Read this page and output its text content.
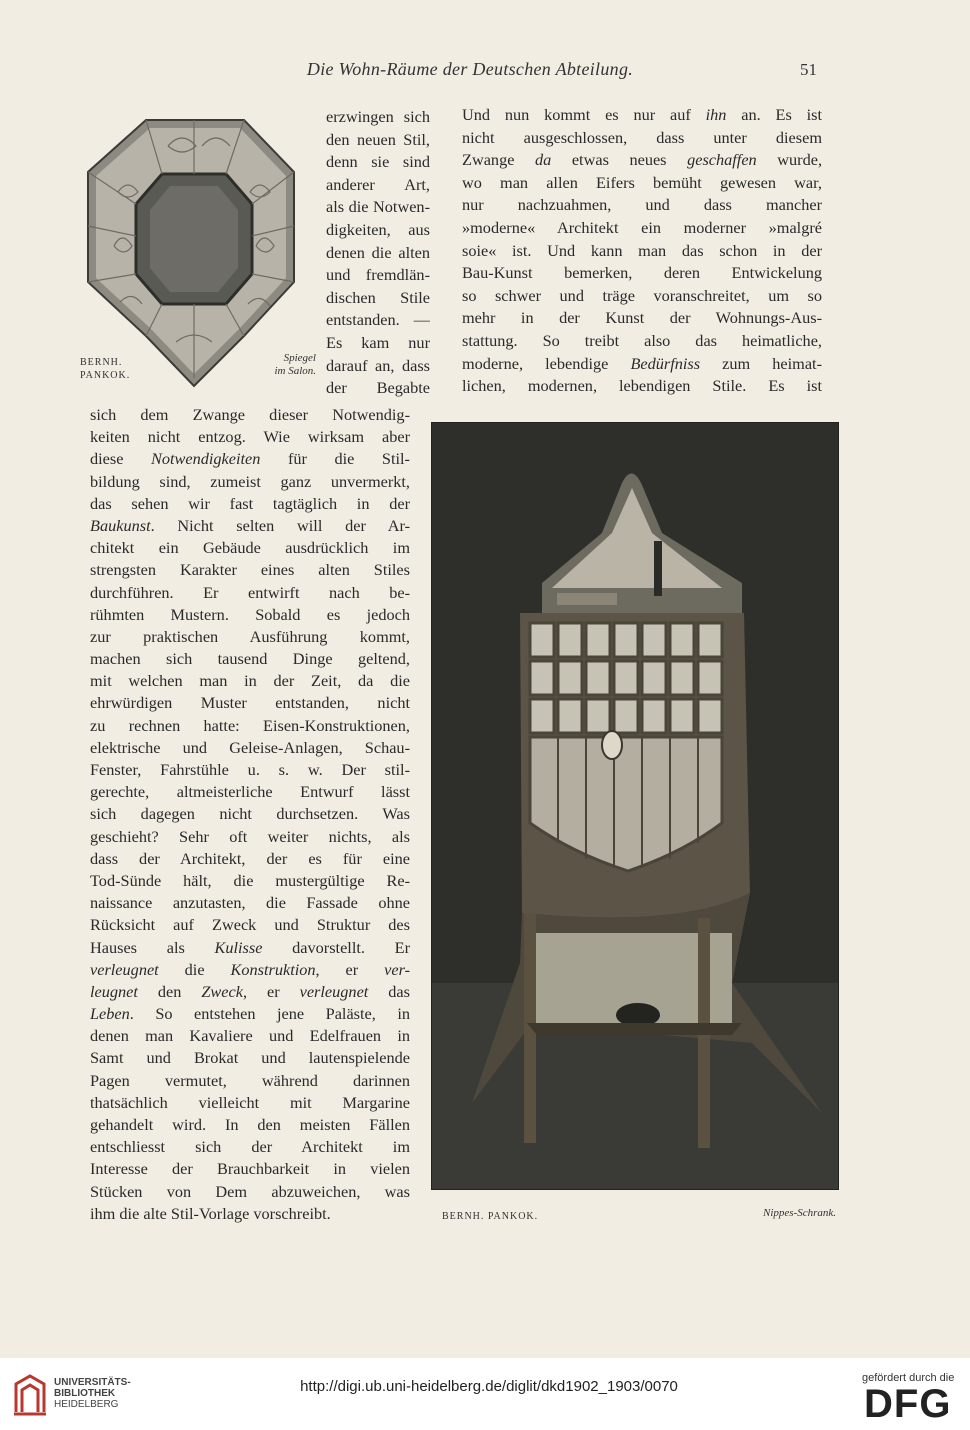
Die Wohn-Räume der Deutschen Abteilung.	51
BERNH.
PANKOK.
Spiegel
im Salon.
erzwingen sich
den neuen Stil,
denn sie sind
anderer Art,
als die Notwen-
digkeiten, aus
denen die alten
und fremdlän-
dischen Stile
entstanden. —
Es kam nur
darauf an, dass
der Begabte
Und nun kommt es nur auf ihn an. Es ist
nicht ausgeschlossen, dass unter diesem
Zwange da etwas neues geschaffen wurde,
wo man allen Eifers bemüht gewesen war,
nur nachzuahmen, und dass mancher
»moderne« Architekt ein moderner »malgré
soie« ist. Und kann man das schon in der
Bau-Kunst bemerken, deren Entwickelung
so schwer und träge voranschreitet, um so
mehr in der Kunst der Wohnungs-Aus-
stattung. So treibt also das heimatliche,
moderne, lebendige Bedürfniss zum heimat-
lichen, modernen, lebendigen Stile. Es ist
sich dem Zwange dieser Notwendig-
keiten nicht entzog. Wie wirksam aber
diese Notwendigkeiten für die Stil-
bildung sind, zumeist ganz unvermerkt,
das sehen wir fast tagtäglich in der
Baukunst. Nicht selten will der Ar-
chitekt ein Gebäude ausdrücklich im
strengsten Karakter eines alten Stiles
durchführen. Er entwirft nach be-
rühmten Mustern. Sobald es jedoch
zur praktischen Ausführung kommt,
machen sich tausend Dinge geltend,
mit welchen man in der Zeit, da die
ehrwürdigen Muster entstanden, nicht
zu rechnen hatte: Eisen-Konstruktionen,
elektrische und Geleise-Anlagen, Schau-
Fenster, Fahrstühle u. s. w. Der stil-
gerechte, altmeisterliche Entwurf lässt
sich dagegen nicht durchsetzen. Was
geschieht? Sehr oft weiter nichts, als
dass der Architekt, der es für eine
Tod-Sünde hält, die mustergültige Re-
naissance anzutasten, die Fassade ohne
Rücksicht auf Zweck und Struktur des
Hauses als Kulisse davorstellt. Er
verleugnet die Konstruktion, er ver-
leugnet den Zweck, er verleugnet das
Leben. So entstehen jene Paläste, in
denen man Kavaliere und Edelfrauen in
Samt und Brokat und lautenspielende
Pagen vermutet, während darinnen
thatsächlich vielleicht mit Margarine
gehandelt wird. In den meisten Fällen
entschliesst sich der Architekt im
Interesse der Brauchbarkeit in vielen
Stücken von Dem abzuweichen, was
ihm die alte Stil-Vorlage vorschreibt.	BERNH. PANKOK.	Nippes-Schrank.
UNIVERSITÄTS-
BIBLIOTHEK
HEIDELBERG
http://digi.ub.uni-heidelberg.de/diglit/dkd1902_1903/0070	gefördert durch die
DFG
